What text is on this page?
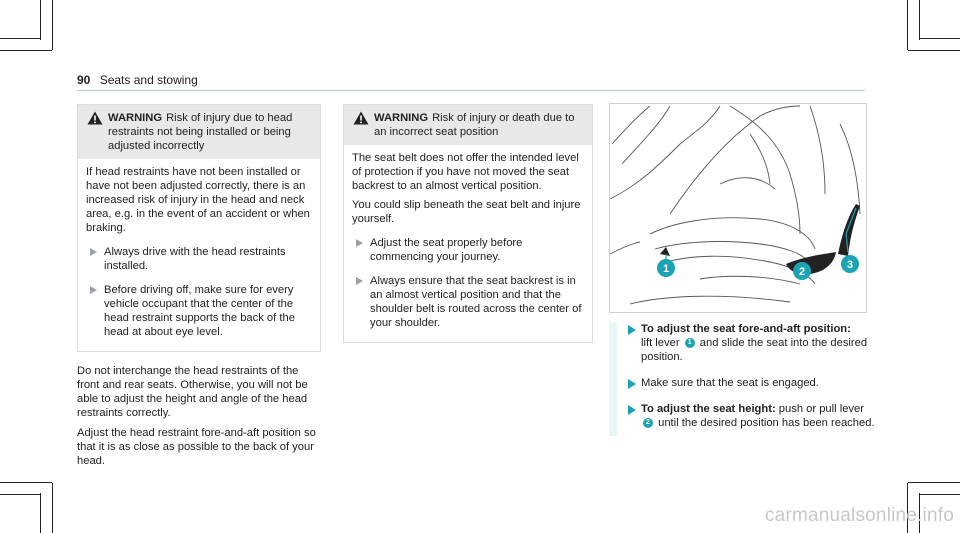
90 Seats and stowing
WARNING Risk of injury due to head restraints not being installed or being adjusted incorrectly

If head restraints have not been installed or have not been adjusted correctly, there is an increased risk of injury in the head and neck area, e.g. in the event of an accident or when braking.

Always drive with the head restraints installed.
Before driving off, make sure for every vehicle occupant that the center of the head restraint supports the back of the head at about eye level.

Do not interchange the head restraints of the front and rear seats. Otherwise, you will not be able to adjust the height and angle of the head restraints correctly.

Adjust the head restraint fore-and-aft position so that it is as close as possible to the back of your head.

WARNING Risk of injury or death due to an incorrect seat position

The seat belt does not offer the intended level of protection if you have not moved the seat backrest to an almost vertical position.

You could slip beneath the seat belt and injure yourself.

Adjust the seat properly before commencing your journey.
Always ensure that the seat backrest is in an almost vertical position and that the shoulder belt is routed across the center of your shoulder.
1	2
3
To adjust the seat fore-and-aft position:
lift lever 1 and slide the seat into the desired position.
Make sure that the seat is engaged.
To adjust the seat height: push or pull lever
2 until the desired position has been reached.
carmanualsonline.info
